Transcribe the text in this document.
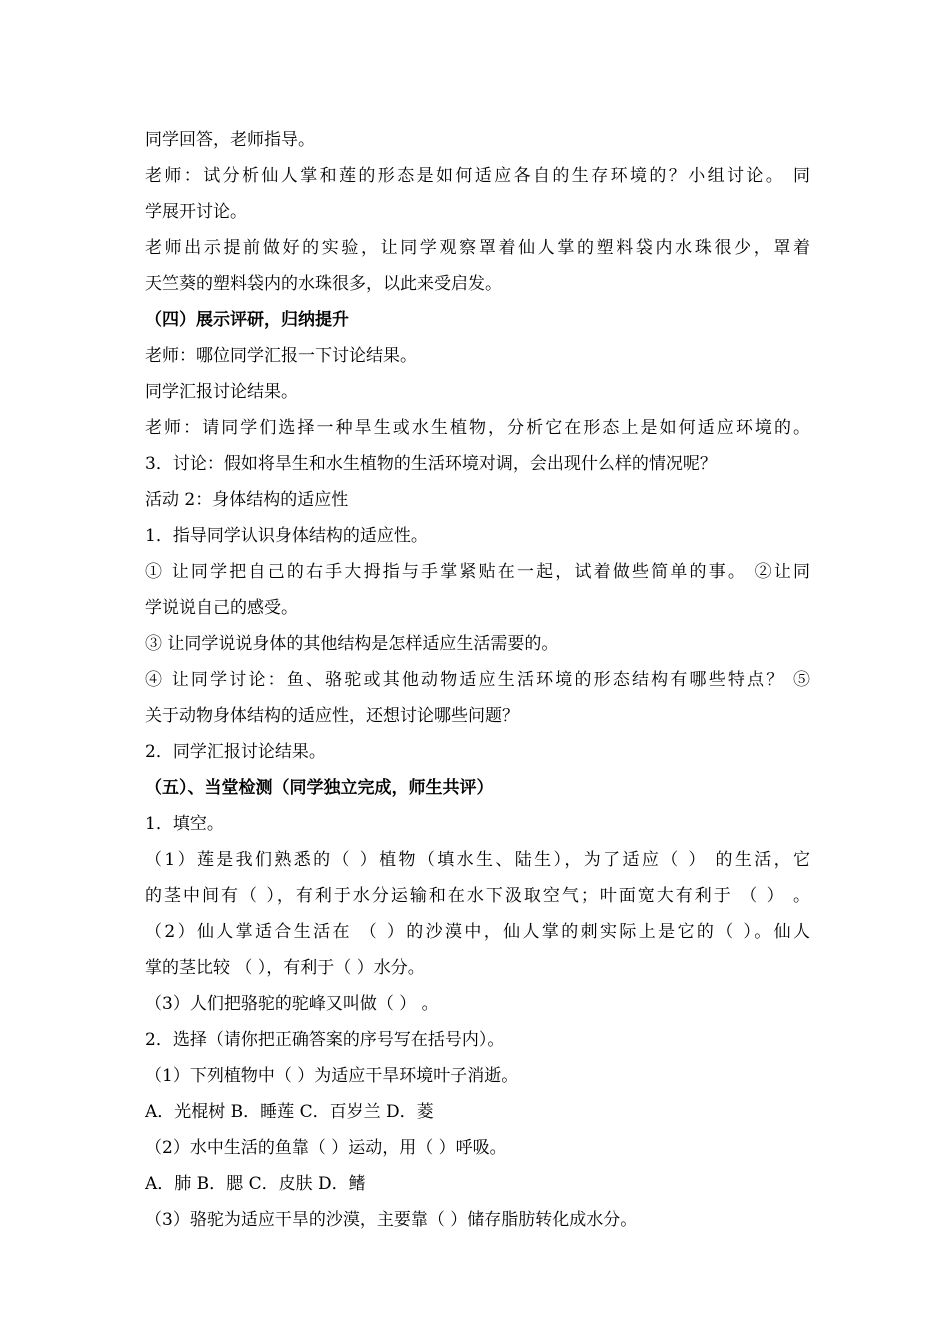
同学回答，老师指导。
老师：试分析仙人掌和莲的形态是如何适应各自的生存环境的？小组讨论。 同
学展开讨论。
老师出示提前做好的实验，让同学观察罩着仙人掌的塑料袋内水珠很少，罩着
天竺葵的塑料袋内的水珠很多，以此来受启发。
（四）展示评研，归纳提升
老师：哪位同学汇报一下讨论结果。
同学汇报讨论结果。
老师：请同学们选择一种旱生或水生植物，分析它在形态上是如何适应环境的。
3．讨论：假如将旱生和水生植物的生活环境对调，会出现什么样的情况呢？
活动 2：身体结构的适应性
1．指导同学认识身体结构的适应性。
① 让同学把自己的右手大拇指与手掌紧贴在一起，试着做些简单的事。 ②让同
学说说自己的感受。
③ 让同学说说身体的其他结构是怎样适应生活需要的。
④ 让同学讨论：鱼、骆驼或其他动物适应生活环境的形态结构有哪些特点？ ⑤
关于动物身体结构的适应性，还想讨论哪些问题？
2．同学汇报讨论结果。
（五）、当堂检测（同学独立完成，师生共评）
1．填空。
（1）莲是我们熟悉的（ ）植物（填水生、陆生），为了适应（ ） 的生活，它
的茎中间有（ ），有利于水分运输和在水下汲取空气；叶面宽大有利于 （ ） 。
（2）仙人掌适合生活在 （ ）的沙漠中，仙人掌的刺实际上是它的（ ）。仙人
掌的茎比较 （ ），有利于（ ）水分。
（3）人们把骆驼的驼峰又叫做（ ） 。
2．选择（请你把正确答案的序号写在括号内）。
（1）下列植物中（ ）为适应干旱环境叶子消逝。
A．光棍树 B．睡莲 C．百岁兰 D．菱
（2）水中生活的鱼靠（ ）运动，用（ ）呼吸。
A．肺 B．腮 C．皮肤 D．鳍
（3）骆驼为适应干旱的沙漠，主要靠（ ）储存脂肪转化成水分。
